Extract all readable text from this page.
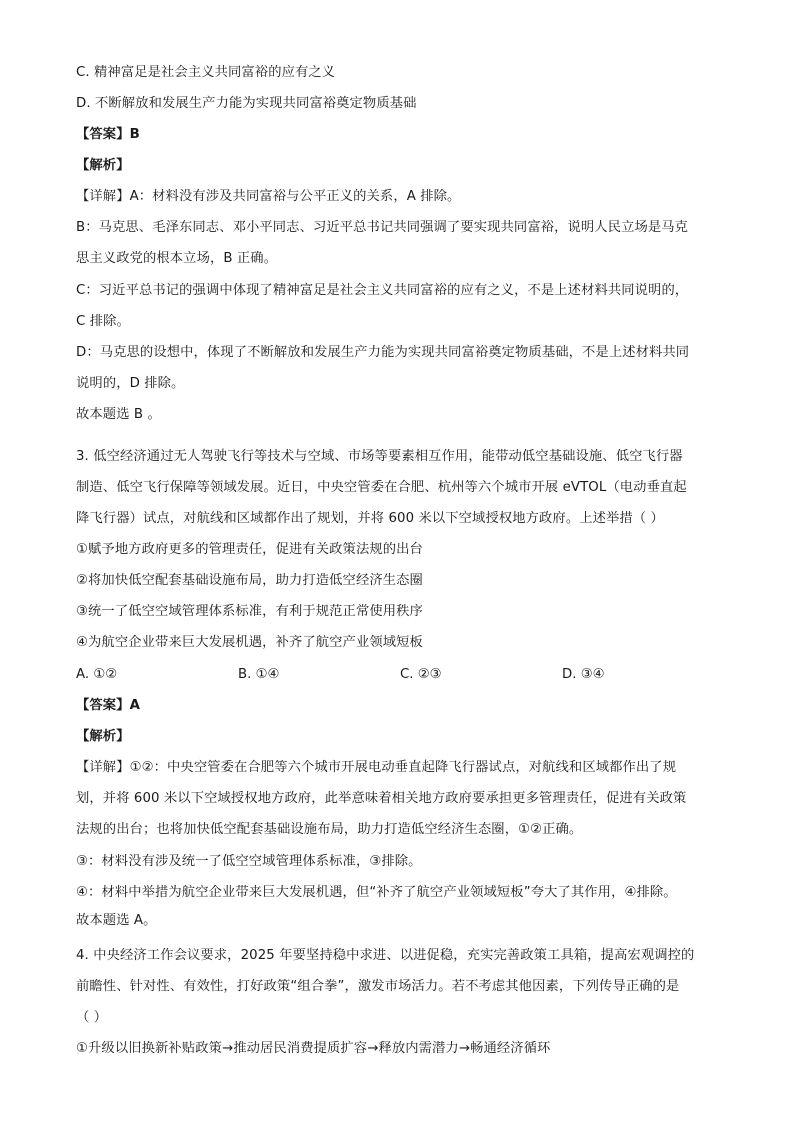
C. 精神富足是社会主义共同富裕的应有之义
D. 不断解放和发展生产力能为实现共同富裕奠定物质基础
【答案】B
【解析】
【详解】A：材料没有涉及共同富裕与公平正义的关系，A 排除。
B：马克思、毛泽东同志、邓小平同志、习近平总书记共同强调了要实现共同富裕，说明人民立场是马克
思主义政党的根本立场，B 正确。
C：习近平总书记的强调中体现了精神富足是社会主义共同富裕的应有之义，不是上述材料共同说明的，
C 排除。
D：马克思的设想中，体现了不断解放和发展生产力能为实现共同富裕奠定物质基础，不是上述材料共同
说明的，D 排除。
故本题选 B 。
3. 低空经济通过无人驾驶飞行等技术与空域、市场等要素相互作用，能带动低空基础设施、低空飞行器
制造、低空飞行保障等领域发展。近日，中央空管委在合肥、杭州等六个城市开展 eVTOL（电动垂直起
降飞行器）试点，对航线和区域都作出了规划，并将 600 米以下空域授权地方政府。上述举措（ ）
①赋予地方政府更多的管理责任，促进有关政策法规的出台
②将加快低空配套基础设施布局，助力打造低空经济生态圈
③统一了低空空域管理体系标准，有利于规范正常使用秩序
④为航空企业带来巨大发展机遇，补齐了航空产业领域短板
A. ①②	B. ①④	C. ②③	D. ③④
【答案】A
【解析】
【详解】①②：中央空管委在合肥等六个城市开展电动垂直起降飞行器试点，对航线和区域都作出了规
划，并将 600 米以下空域授权地方政府，此举意味着相关地方政府要承担更多管理责任，促进有关政策
法规的出台；也将加快低空配套基础设施布局，助力打造低空经济生态圈，①②正确。
③：材料没有涉及统一了低空空域管理体系标准，③排除。
④：材料中举措为航空企业带来巨大发展机遇，但“补齐了航空产业领域短板”夸大了其作用，④排除。
故本题选 A。
4. 中央经济工作会议要求，2025 年要坚持稳中求进、以进促稳，充实完善政策工具箱，提高宏观调控的
前瞻性、针对性、有效性，打好政策“组合拳”，激发市场活力。若不考虑其他因素，下列传导正确的是
（ ）
①升级以旧换新补贴政策→推动居民消费提质扩容→释放内需潜力→畅通经济循环
